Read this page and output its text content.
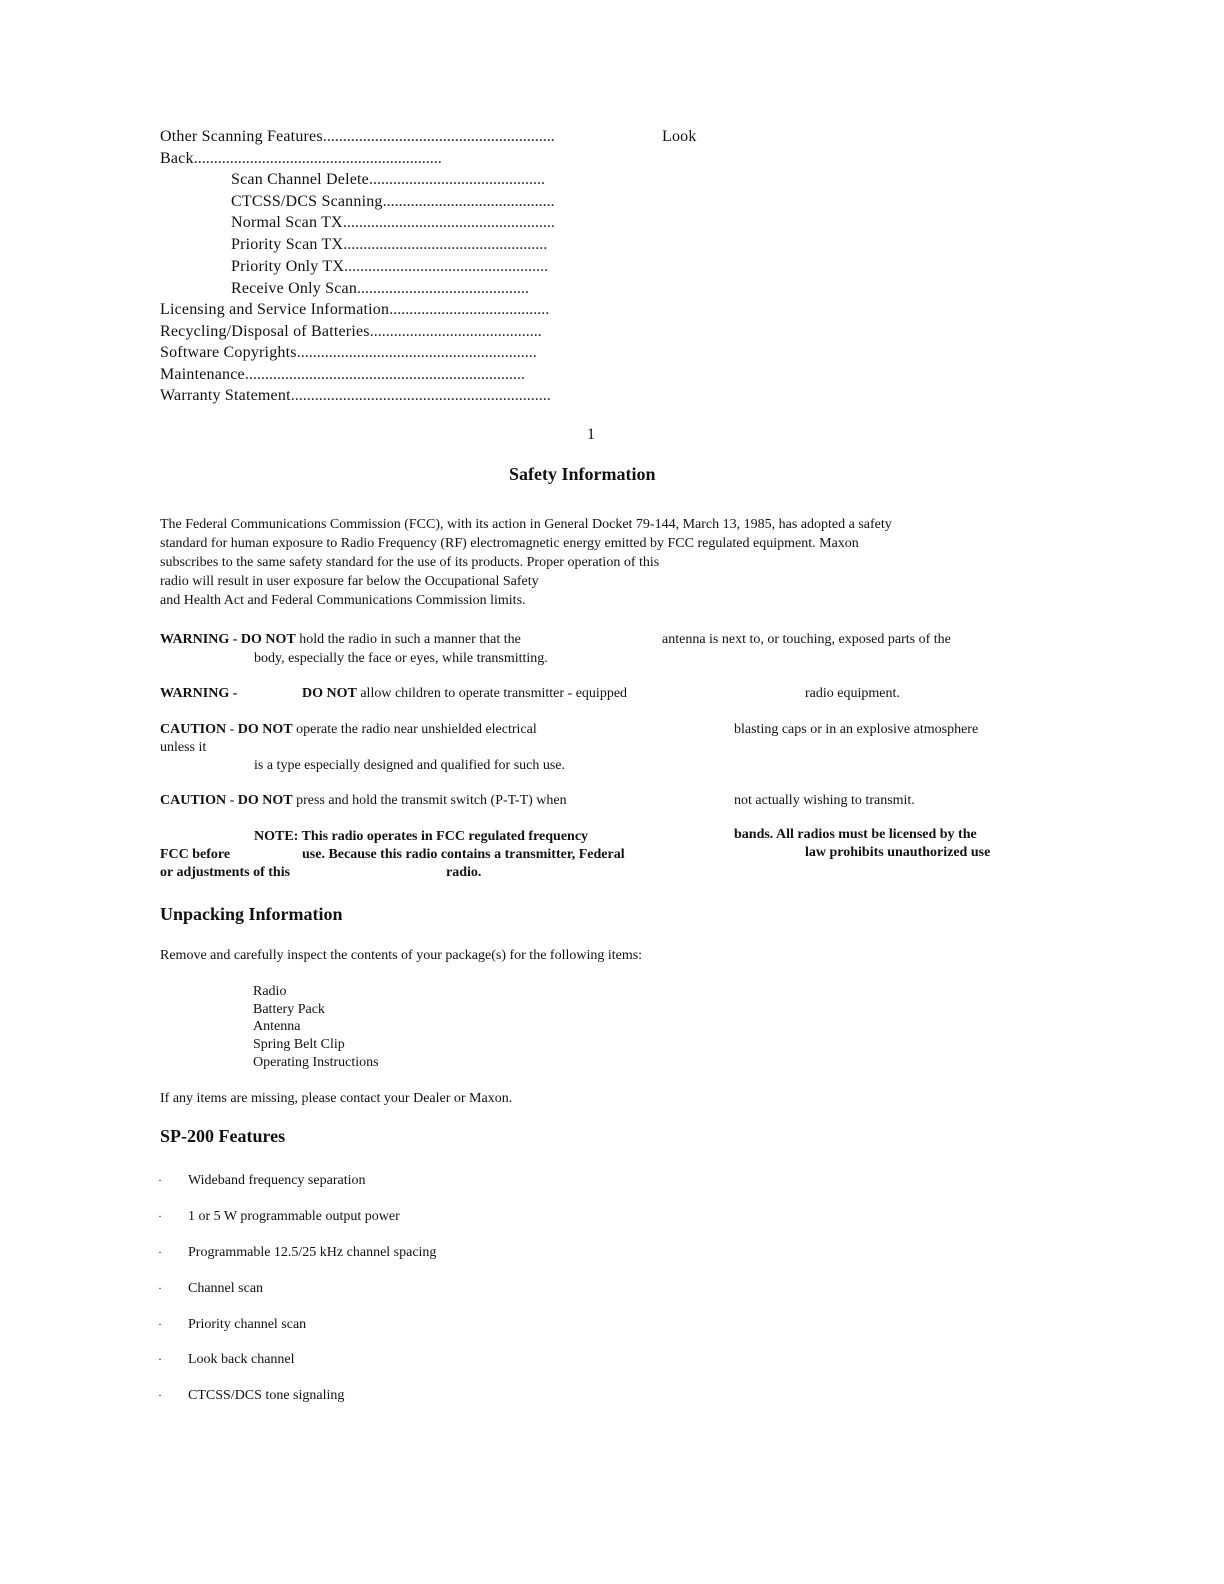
Other Scanning Features..........................................................	Look
Back..............................................................
Scan Channel Delete............................................
CTCSS/DCS Scanning...........................................
Normal Scan TX.....................................................
Priority Scan TX...................................................
Priority Only TX...................................................
Receive Only Scan...........................................
Licensing and Service Information........................................
Recycling/Disposal of Batteries...........................................
Software Copyrights............................................................
Maintenance......................................................................
Warranty Statement.................................................................
1
Safety Information
The Federal Communications Commission (FCC), with its action in General Docket 79-144, March 13, 1985, has adopted a safety
standard for human exposure to Radio Frequency (RF) electromagnetic energy emitted by FCC regulated equipment. Maxon
subscribes to the same safety standard for the use of its products. Proper operation of this
radio will result in user exposure far below the Occupational Safety
and Health Act and Federal Communications Commission limits.
WARNING - DO NOT hold the radio in such a manner that the	antenna is next to, or touching, exposed parts of the
body, especially the face or eyes, while transmitting.
WARNING -	DO NOT allow children to operate transmitter - equipped	radio equipment.
CAUTION - DO NOT operate the radio near unshielded electrical	blasting caps or in an explosive atmosphere
unless it
is a type especially designed and qualified for such use.
CAUTION - DO NOT press and hold the transmit switch (P-T-T) when	not actually wishing to transmit.
NOTE: This radio operates in FCC regulated frequency	bands. All radios must be licensed by the
FCC before	use. Because this radio contains a transmitter, Federal	law prohibits unauthorized use
or adjustments of this	radio.
Unpacking Information
Remove and carefully inspect the contents of your package(s) for the following items:
Radio
Battery Pack
Antenna
Spring Belt Clip
Operating Instructions
If any items are missing, please contact your Dealer or Maxon.
SP-200 Features
· Wideband frequency separation
· 1 or 5 W programmable output power
· Programmable 12.5/25 kHz channel spacing
· Channel scan
· Priority channel scan
· Look back channel
· CTCSS/DCS tone signaling
